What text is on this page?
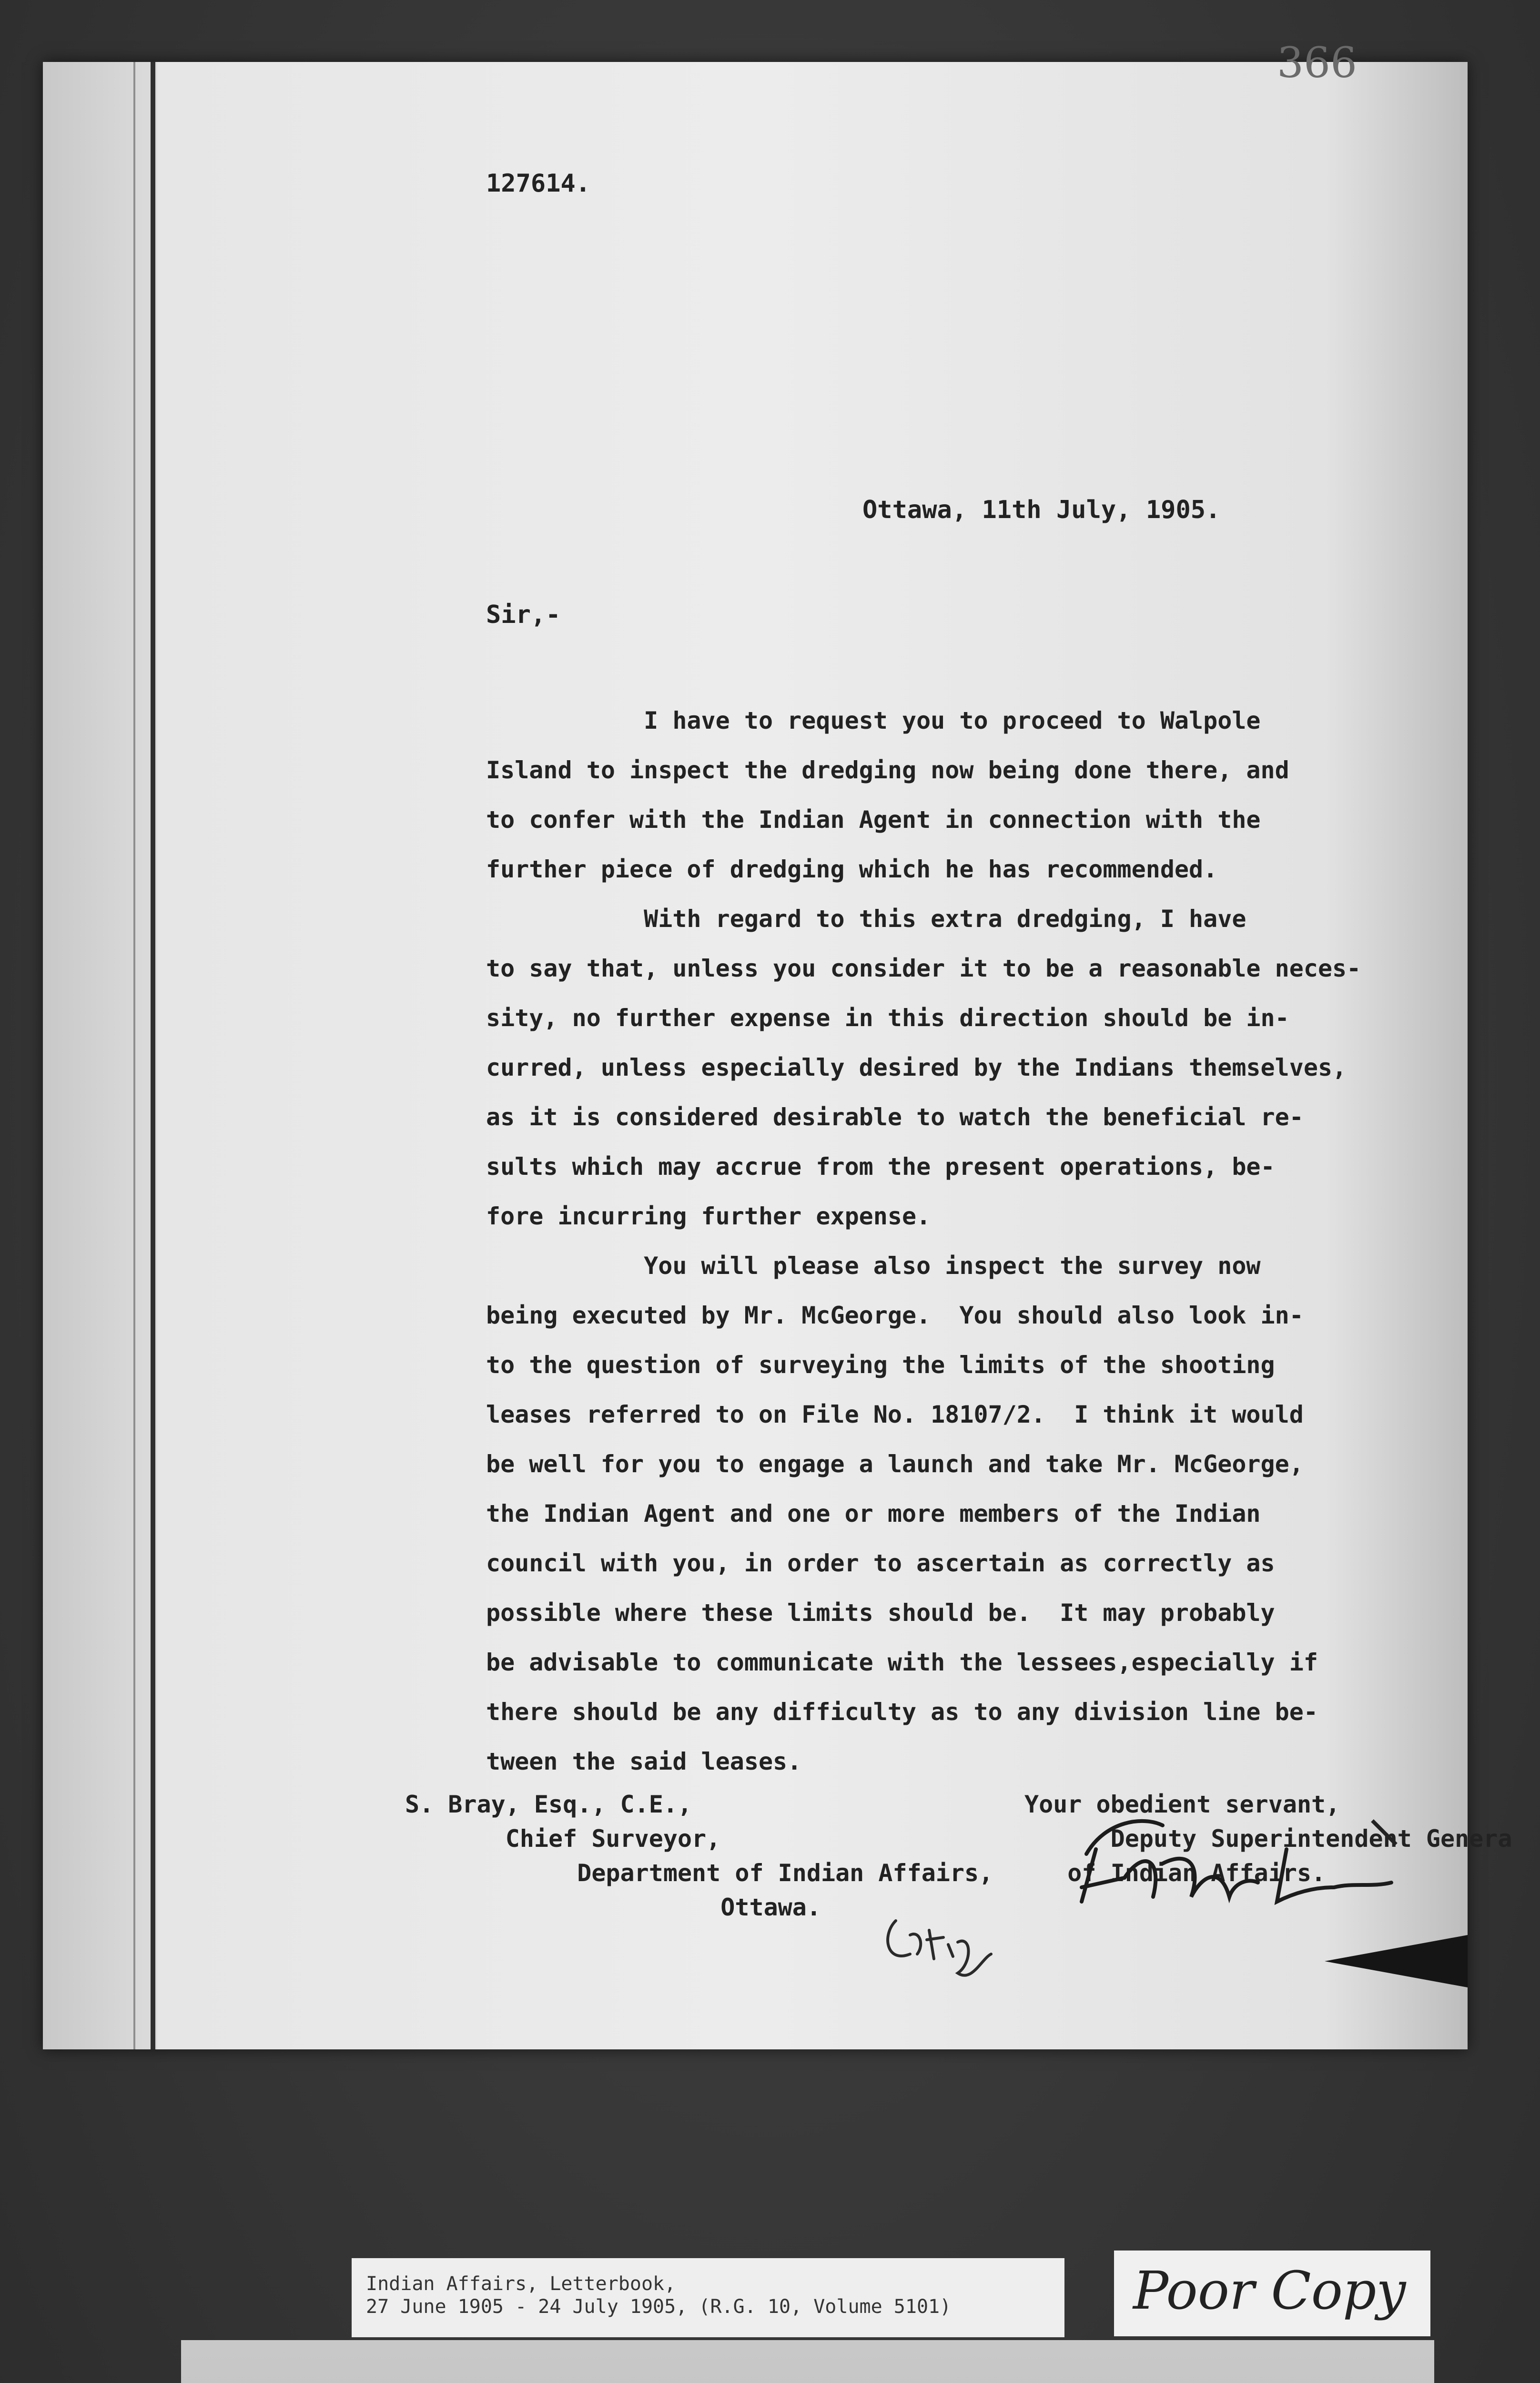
366
127614.
Ottawa, 11th July, 1905.
Sir,-

I have to request you to proceed to Walpole

Island to inspect the dredging now being done there, and

to confer with the Indian Agent in connection with the

further piece of dredging which he has recommended.

With regard to this extra dredging, I have

to say that, unless you consider it to be a reasonable neces-

sity, no further expense in this direction should be in-

curred, unless especially desired by the Indians themselves,

as it is considered desirable to watch the beneficial re-

sults which may accrue from the present operations, be-

fore incurring further expense.

You will please also inspect the survey now

being executed by Mr. McGeorge.  You should also look in-

to the question of surveying the limits of the shooting

leases referred to on File No. 18107/2.  I think it would

be well for you to engage a launch and take Mr. McGeorge,

the Indian Agent and one or more members of the Indian

council with you, in order to ascertain as correctly as

possible where these limits should be.  It may probably

be advisable to communicate with the lessees,especially if

there should be any difficulty as to any division line be-

tween the said leases.

S. Bray, Esq., C.E.,
Chief Surveyor,
Department of Indian Affairs,
Ottawa.
Your obedient servant,
Deputy Superintendent Genera
of Indian Affairs.
Indian Affairs, Letterbook,
27 June 1905 - 24 July 1905, (R.G. 10, Volume 5101)	Poor Copy
